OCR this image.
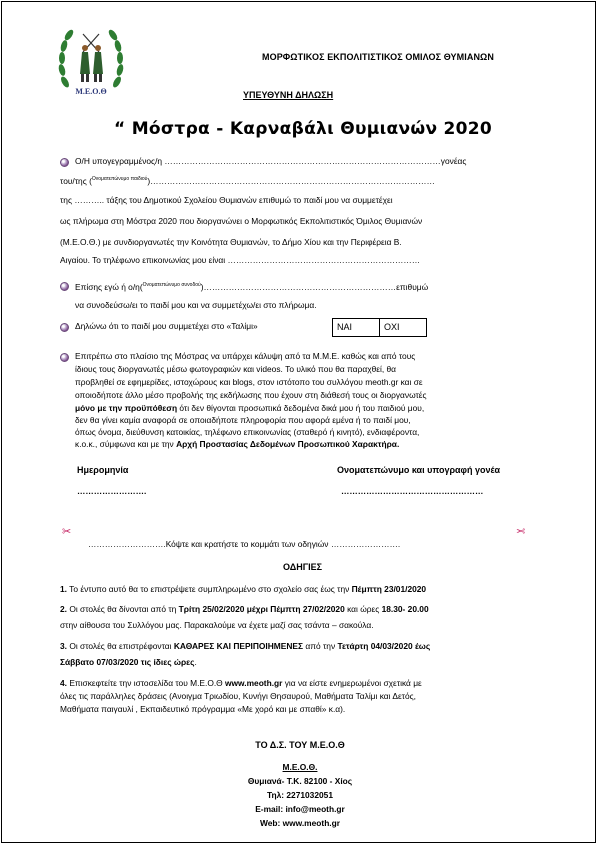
Μ.Ε.Ο.Θ
ΜΟΡΦΩΤΙΚΟΣ ΕΚΠΟΛΙΤΙΣΤΙΚΟΣ ΟΜΙΛΟΣ ΘΥΜΙΑΝΩΝ
ΥΠΕΥΘΥΝΗ ΔΗΛΩΣΗ
“ Μόστρα - Καρναβάλι Θυμιανών 2020
Ο/Η υπογεγραμμένος/η ………………………………………………………………………………………γονέας
του/της ($^{O\nu o\mu\alpha\tau\varepsilon\pi ώ\nu\upsilon\mu o \pi\alpha\iota\delta\iota oύ}$)…………………………………………………………………………………………
της ……….. τάξης του Δημοτικού Σχολείου Θυμιανών επιθυμώ το παιδί μου να συμμετέχει
ως πλήρωμα στη Μόστρα 2020 που διοργανώνει ο Μορφωτικός Εκπολιτιστικός Όμιλος Θυμιανών
(Μ.Ε.Ο.Θ.) με συνδιοργανωτές την Κοινότητα Θυμιανών, το Δήμο Χίου και την Περιφέρεια Β.
Αιγαίου. Το τηλέφωνο επικοινωνίας μου είναι ……………………………………………………………
Επίσης εγώ ή ο/η($^{O\nu o\mu\alpha\tau\varepsilon\pi ώ\nu\upsilon\mu o \sigma\upsilon\nu o\delta oύ}$)……………………………………………………………επιθυμώ
να συνοδεύσω/ει το παιδί μου και να συμμετέχω/ει στο πλήρωμα.
Δηλώνω ότι το παιδί μου συμμετέχει στο «Ταλίμι»	ΝΑΙ	ΟΧΙ
Επιτρέπω στο πλαίσιο της Μόστρας να υπάρχει κάλυψη από τα Μ.Μ.Ε. καθώς και από τους
ίδιους τους διοργανωτές μέσω φωτογραφιών και videos. Το υλικό που θα παραχθεί, θα
προβληθεί σε εφημερίδες, ιστοχώρους και blogs, στον ιστότοπο του συλλόγου meoth.gr και σε
οποιοδήποτε άλλο μέσο προβολής της εκδήλωσης που έχουν στη διάθεσή τους οι διοργανωτές
μόνο με την προϋπόθεση ότι δεν θίγονται προσωπικά δεδομένα δικά μου ή του παιδιού μου,
δεν θα γίνει καμία αναφορά σε οποιαδήποτε πληροφορία που αφορά εμένα ή το παιδί μου,
όπως όνομα, διεύθυνση κατοικίας, τηλέφωνο επικοινωνίας (σταθερό ή κινητό), ενδιαφέροντα,
κ.ο.κ., σύμφωνα και με την Αρχή Προστασίας Δεδομένων Προσωπικού Χαρακτήρα.
Ημερομηνία
…………………….
Ονοματεπώνυμο και υπογραφή γονέα
……………………………………………
✂	✂
……………………….Κόψτε και κρατήστε το κομμάτι των οδηγιών …………………….
ΟΔΗΓΙΕΣ
1. Το έντυπο αυτό θα το επιστρέψετε συμπληρωμένο στο σχολείο σας έως την Πέμπτη 23/01/2020
2. Οι στολές θα δίνονται από τη Τρίτη 25/02/2020 μέχρι Πέμπτη 27/02/2020 και ώρες 18.30- 20.00
στην αίθουσα του Συλλόγου μας. Παρακαλούμε να έχετε μαζί σας τσάντα – σακούλα.
3. Οι στολές θα επιστρέφονται ΚΑΘΑΡΕΣ ΚΑΙ ΠΕΡΙΠΟΙΗΜΕΝΕΣ από την Τετάρτη 04/03/2020 έως
Σάββατο 07/03/2020 τις ίδιες ώρες.
4. Επισκεφτείτε την ιστοσελίδα του Μ.Ε.Ο.Θ www.meoth.gr για να είστε ενημερωμένοι σχετικά με
όλες τις παράλληλες δράσεις (Ανοιγμα Τριωδίου, Κυνήγι Θησαυρού, Μαθήματα Ταλίμι και Δετός,
Μαθήματα παιγαυλί , Εκπαιδευτικό πρόγραμμα «Με χορό και με σπαθί» κ.α).
ΤΟ Δ.Σ. ΤΟΥ Μ.Ε.Ο.Θ
Μ.Ε.Ο.Θ.
Θυμιανά- Τ.Κ. 82100 - Χίος
Τηλ: 2271032051
E-mail: info@meoth.gr
Web: www.meoth.gr
